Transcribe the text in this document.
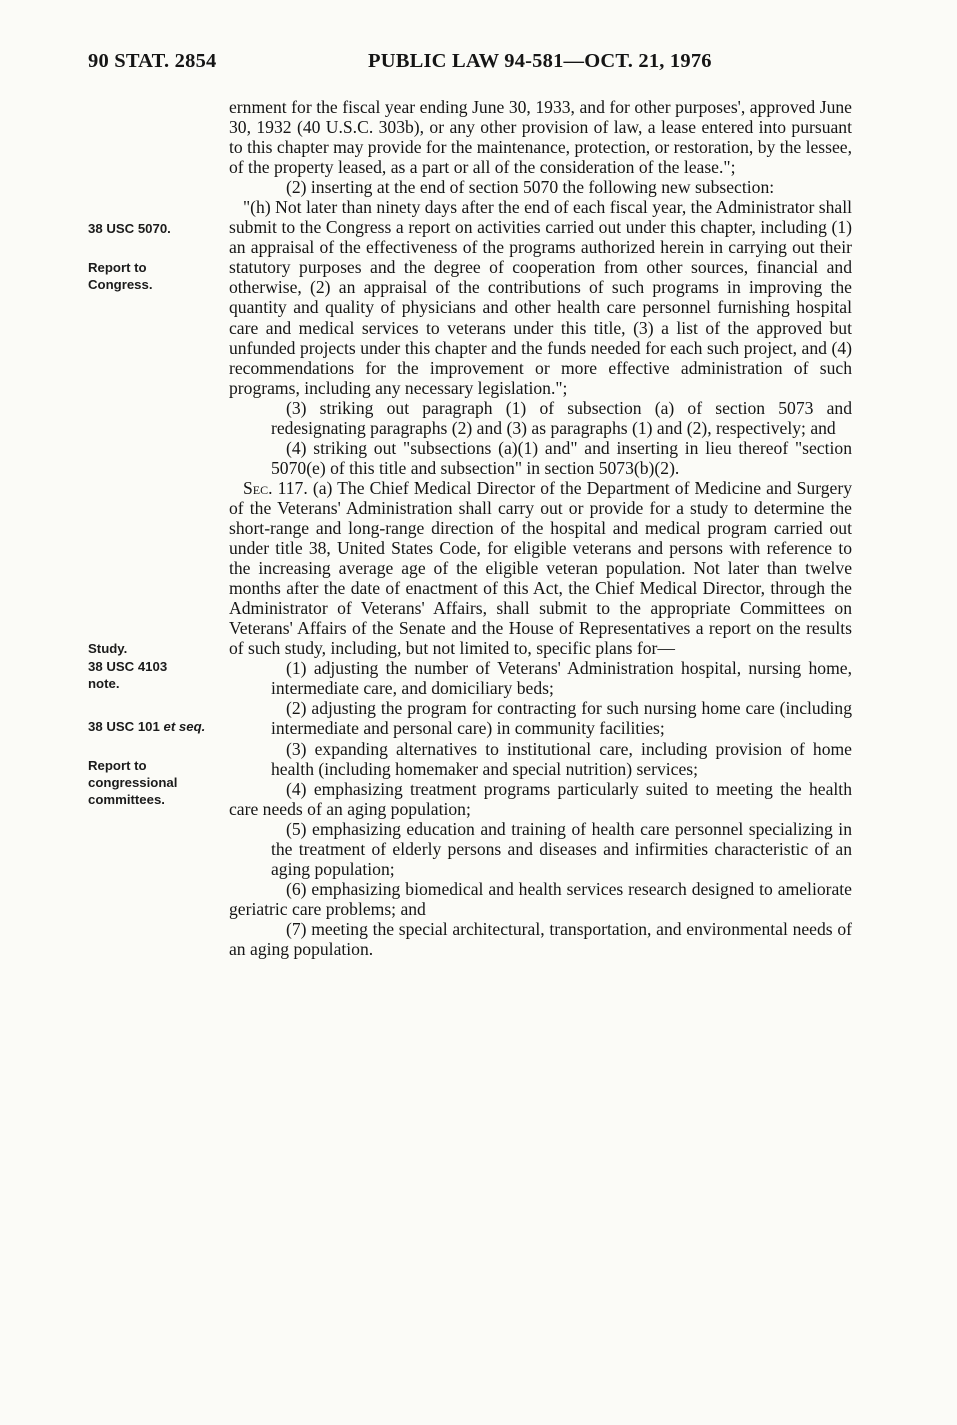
90 STAT. 2854	PUBLIC LAW 94-581—OCT. 21, 1976
38 USC 5070.
Report to Congress.
Study.
38 USC 4103 note.
38 USC 101 et seq.
Report to congressional committees.

ernment for the fiscal year ending June 30, 1933, and for other purposes', approved June 30, 1932 (40 U.S.C. 303b), or any other provision of law, a lease entered into pursuant to this chapter may provide for the maintenance, protection, or restoration, by the lessee, of the property leased, as a part or all of the consideration of the lease.";

(2) inserting at the end of section 5070 the following new subsection:

"(h) Not later than ninety days after the end of each fiscal year, the Administrator shall submit to the Congress a report on activities carried out under this chapter, including (1) an appraisal of the effectiveness of the programs authorized herein in carrying out their statutory purposes and the degree of cooperation from other sources, financial and otherwise, (2) an appraisal of the contributions of such programs in improving the quantity and quality of physicians and other health care personnel furnishing hospital care and medical services to veterans under this title, (3) a list of the approved but unfunded projects under this chapter and the funds needed for each such project, and (4) recommendations for the improvement or more effective administration of such programs, including any necessary legislation.";

(3) striking out paragraph (1) of subsection (a) of section 5073 and redesignating paragraphs (2) and (3) as paragraphs (1) and (2), respectively; and

(4) striking out "subsections (a)(1) and" and inserting in lieu thereof "section 5070(e) of this title and subsection" in section 5073(b)(2).

Sec. 117. (a) The Chief Medical Director of the Department of Medicine and Surgery of the Veterans' Administration shall carry out or provide for a study to determine the short-range and long-range direction of the hospital and medical program carried out under title 38, United States Code, for eligible veterans and persons with reference to the increasing average age of the eligible veteran population. Not later than twelve months after the date of enactment of this Act, the Chief Medical Director, through the Administrator of Veterans' Affairs, shall submit to the appropriate Committees on Veterans' Affairs of the Senate and the House of Representatives a report on the results of such study, including, but not limited to, specific plans for—

(1) adjusting the number of Veterans' Administration hospital, nursing home, intermediate care, and domiciliary beds;

(2) adjusting the program for contracting for such nursing home care (including intermediate and personal care) in community facilities;

(3) expanding alternatives to institutional care, including provision of home health (including homemaker and special nutrition) services;

(4) emphasizing treatment programs particularly suited to meeting the health care needs of an aging population;

(5) emphasizing education and training of health care personnel specializing in the treatment of elderly persons and diseases and infirmities characteristic of an aging population;

(6) emphasizing biomedical and health services research designed to ameliorate geriatric care problems; and

(7) meeting the special architectural, transportation, and environmental needs of an aging population.
